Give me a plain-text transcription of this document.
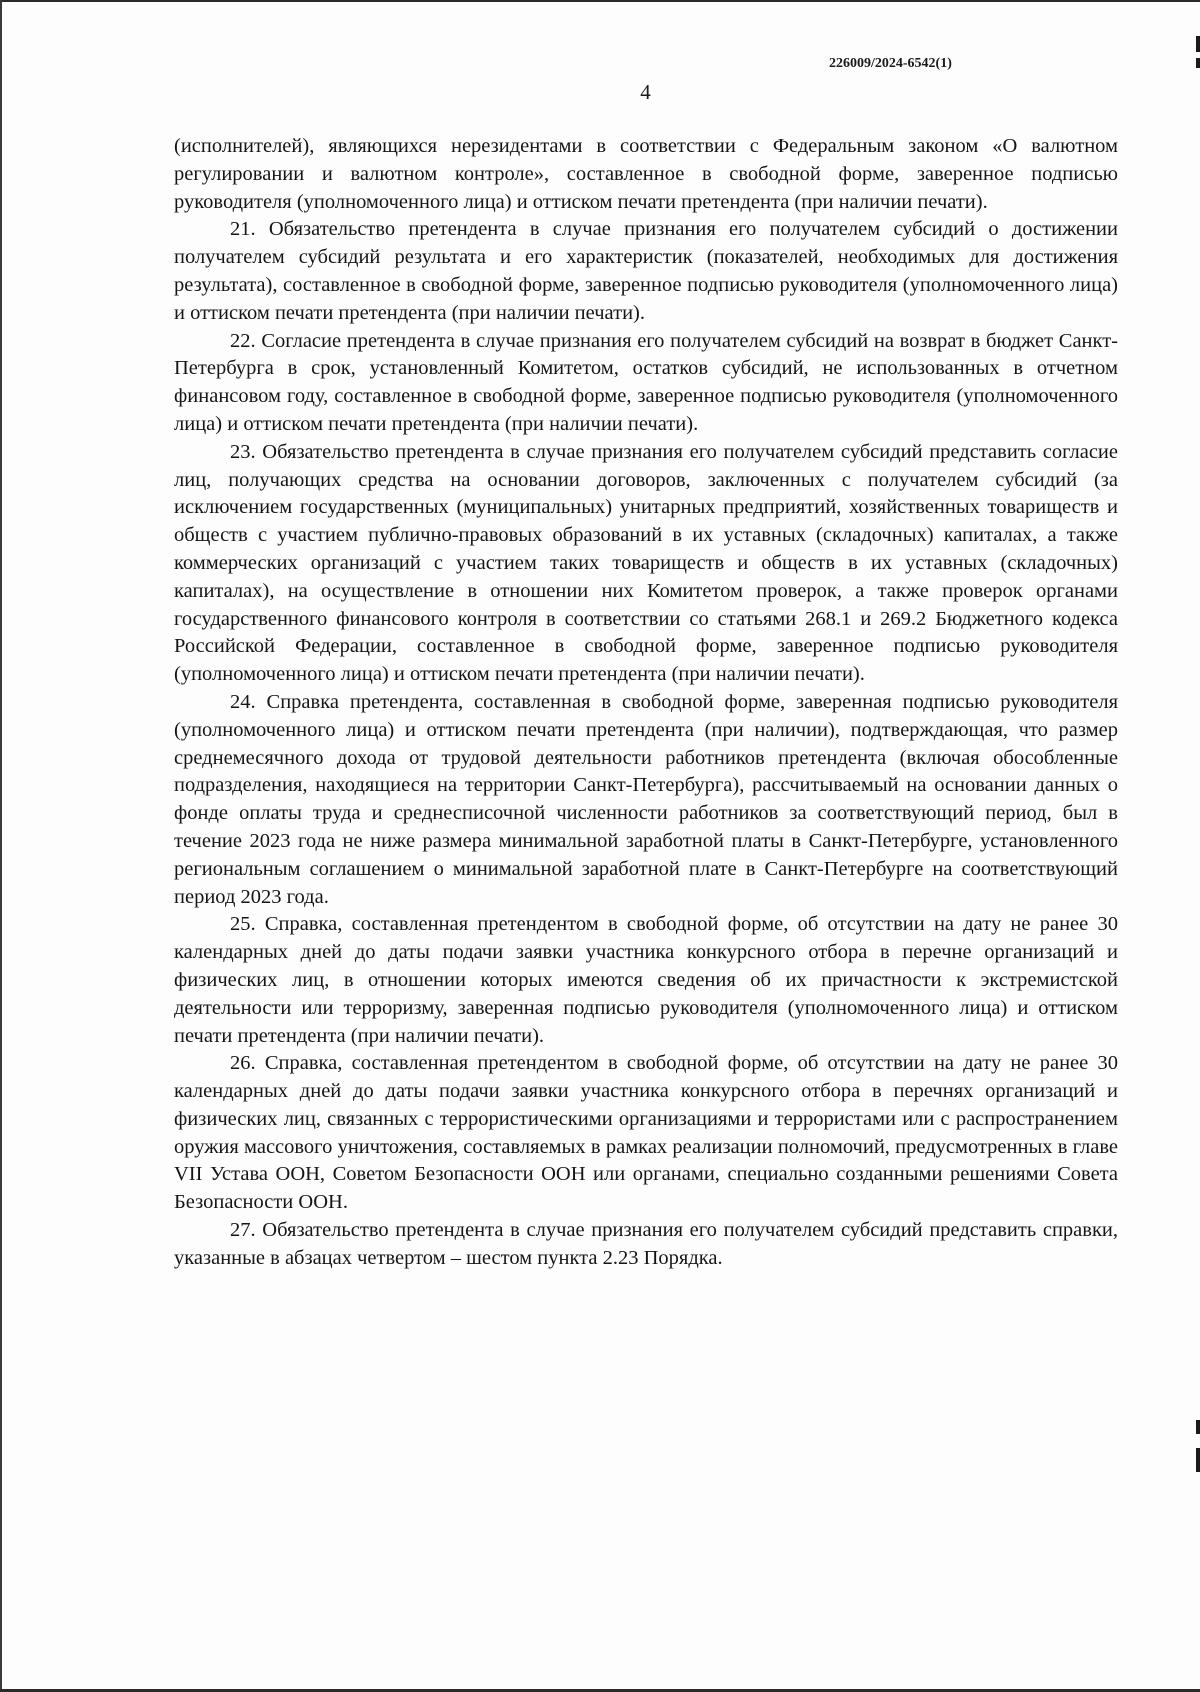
226009/2024-6542(1)
4

(исполнителей), являющихся нерезидентами в соответствии с Федеральным законом «О валютном регулировании и валютном контроле», составленное в свободной форме, заверенное подписью руководителя (уполномоченного лица) и оттиском печати претендента (при наличии печати).

21. Обязательство претендента в случае признания его получателем субсидий о достижении получателем субсидий результата и его характеристик (показателей, необходимых для достижения результата), составленное в свободной форме, заверенное подписью руководителя (уполномоченного лица) и оттиском печати претендента (при наличии печати).

22. Согласие претендента в случае признания его получателем субсидий на возврат в бюджет Санкт-Петербурга в срок, установленный Комитетом, остатков субсидий, не использованных в отчетном финансовом году, составленное в свободной форме, заверенное подписью руководителя (уполномоченного лица) и оттиском печати претендента (при наличии печати).

23. Обязательство претендента в случае признания его получателем субсидий представить согласие лиц, получающих средства на основании договоров, заключенных с получателем субсидий (за исключением государственных (муниципальных) унитарных предприятий, хозяйственных товариществ и обществ с участием публично-правовых образований в их уставных (складочных) капиталах, а также коммерческих организаций с участием таких товариществ и обществ в их уставных (складочных) капиталах), на осуществление в отношении них Комитетом проверок, а также проверок органами государственного финансового контроля в соответствии со статьями 268.1 и 269.2 Бюджетного кодекса Российской Федерации, составленное в свободной форме, заверенное подписью руководителя (уполномоченного лица) и оттиском печати претендента (при наличии печати).

24. Справка претендента, составленная в свободной форме, заверенная подписью руководителя (уполномоченного лица) и оттиском печати претендента (при наличии), подтверждающая, что размер среднемесячного дохода от трудовой деятельности работников претендента (включая обособленные подразделения, находящиеся на территории Санкт-Петербурга), рассчитываемый на основании данных о фонде оплаты труда и среднесписочной численности работников за соответствующий период, был в течение 2023 года не ниже размера минимальной заработной платы в Санкт-Петербурге, установленного региональным соглашением о минимальной заработной плате в Санкт-Петербурге на соответствующий период 2023 года.

25. Справка, составленная претендентом в свободной форме, об отсутствии на дату не ранее 30 календарных дней до даты подачи заявки участника конкурсного отбора в перечне организаций и физических лиц, в отношении которых имеются сведения об их причастности к экстремистской деятельности или терроризму, заверенная подписью руководителя (уполномоченного лица) и оттиском печати претендента (при наличии печати).

26. Справка, составленная претендентом в свободной форме, об отсутствии на дату не ранее 30 календарных дней до даты подачи заявки участника конкурсного отбора в перечнях организаций и физических лиц, связанных с террористическими организациями и террористами или с распространением оружия массового уничтожения, составляемых в рамках реализации полномочий, предусмотренных в главе VII Устава ООН, Советом Безопасности ООН или органами, специально созданными решениями Совета Безопасности ООН.

27. Обязательство претендента в случае признания его получателем субсидий представить справки, указанные в абзацах четвертом – шестом пункта 2.23 Порядка.
